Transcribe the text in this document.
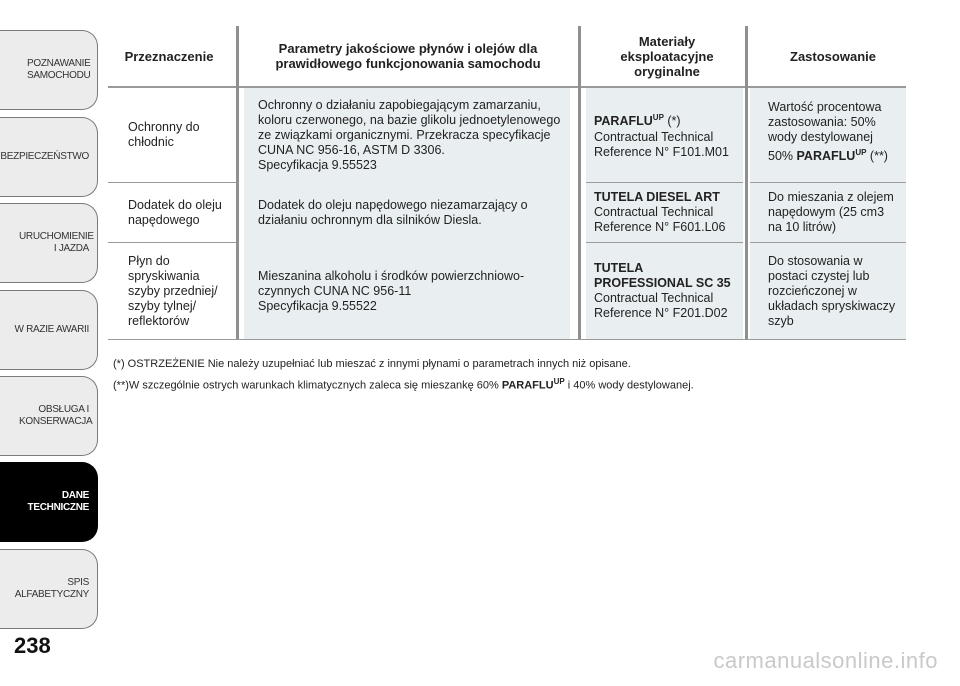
POZNAWANIE SAMOCHODU
BEZPIECZEŃSTWO
URUCHOMIENIE I JAZDA
W RAZIE AWARII
OBSŁUGA I KONSERWACJA
DANE TECHNICZNE
SPIS ALFABETYCZNY
238
Przeznaczenie	Parametry jakościowe płynów i olejów dla prawidłowego funkcjonowania samochodu
Materiały eksploatacyjne oryginalne
Zastosowanie
Ochronny do chłodnic
Ochronny o działaniu zapobiegającym zamarzaniu, koloru czerwonego, na bazie glikolu jednoetylenowego ze związkami organicznymi. Przekracza specyfikacje CUNA NC 956-16, ASTM D 3306.
Specyfikacja 9.55523
$PARAFLU^{UP}$ (*)
Contractual Technical
Reference N° F101.M01
Wartość procentowa zastosowania: 50% wody destylowanej 50% $PARAFLU^{UP}$ (**)
Dodatek do oleju napędowego
Dodatek do oleju napędowego niezamarzający o działaniu ochronnym dla silników Diesla.
TUTELA DIESEL ART
Contractual Technical
Reference N° F601.L06
Do mieszania z olejem napędowym (25 cm3 na 10 litrów)
Płyn do spryskiwania szyby przedniej/ szyby tylnej/ reflektorów
Mieszanina alkoholu i środków powierzchniowo-czynnych CUNA NC 956-11
Specyfikacja 9.55522
TUTELA PROFESSIONAL SC 35
Contractual Technical
Reference N° F201.D02
Do stosowania w postaci czystej lub rozcieńczonej w układach spryskiwaczy szyb
(*) OSTRZEŻENIE Nie należy uzupełniać lub mieszać z innymi płynami o parametrach innych niż opisane.
(**)W szczególnie ostrych warunkach klimatycznych zaleca się mieszankę 60% $PARAFLU^{UP}$ i 40% wody destylowanej.
carmanualsonline.info
